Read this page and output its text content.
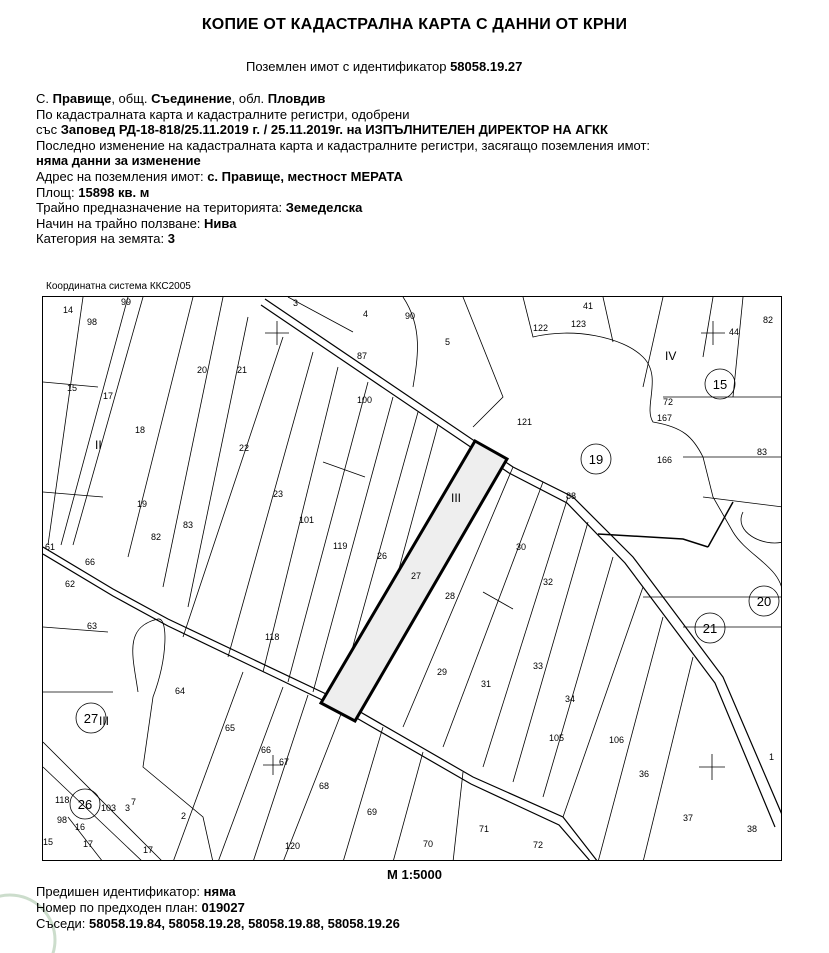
КОПИЕ ОТ КАДАСТРАЛНА КАРТА С ДАННИ ОТ КРНИ
Поземлен имот с идентификатор 58058.19.27
С. Правище, общ. Съединение, обл. Пловдив
По кадастралната карта и кадастралните регистри, одобрени
със Заповед РД-18-818/25.11.2019 г. / 25.11.2019г. на ИЗПЪЛНИТЕЛЕН ДИРЕКТОР НА АГКК
Последно изменение на кадастралната карта и кадастралните регистри, засягащо поземления имот:
няма данни за изменение
Адрес на поземления имот: с. Правище, местност МЕРАТА
Площ: 15898 кв. м
Трайно предназначение на територията: Земеделска
Начин на трайно ползване: Нива
Категория на земята: 3
Координатна система ККС2005
14
99
98
3
4	90
41
123	82
15
17
20	21
87
5
122	44
II
18
22
100
121
72
167
166
83
19
23
101
88
III
119
26
82
83
30
62
27
28
32
63
118
33
64
29
31
34
65
66
67
105	106
68
36
1
118
103 3
7
2	69
37
16
70
71
72
38
120
98
17
15
17
61
66
15
19
20
21
27
26
IV
III
М 1:5000
Предишен идентификатор: няма
Номер по предходен план: 019027
Съседи: 58058.19.84, 58058.19.28, 58058.19.88, 58058.19.26
